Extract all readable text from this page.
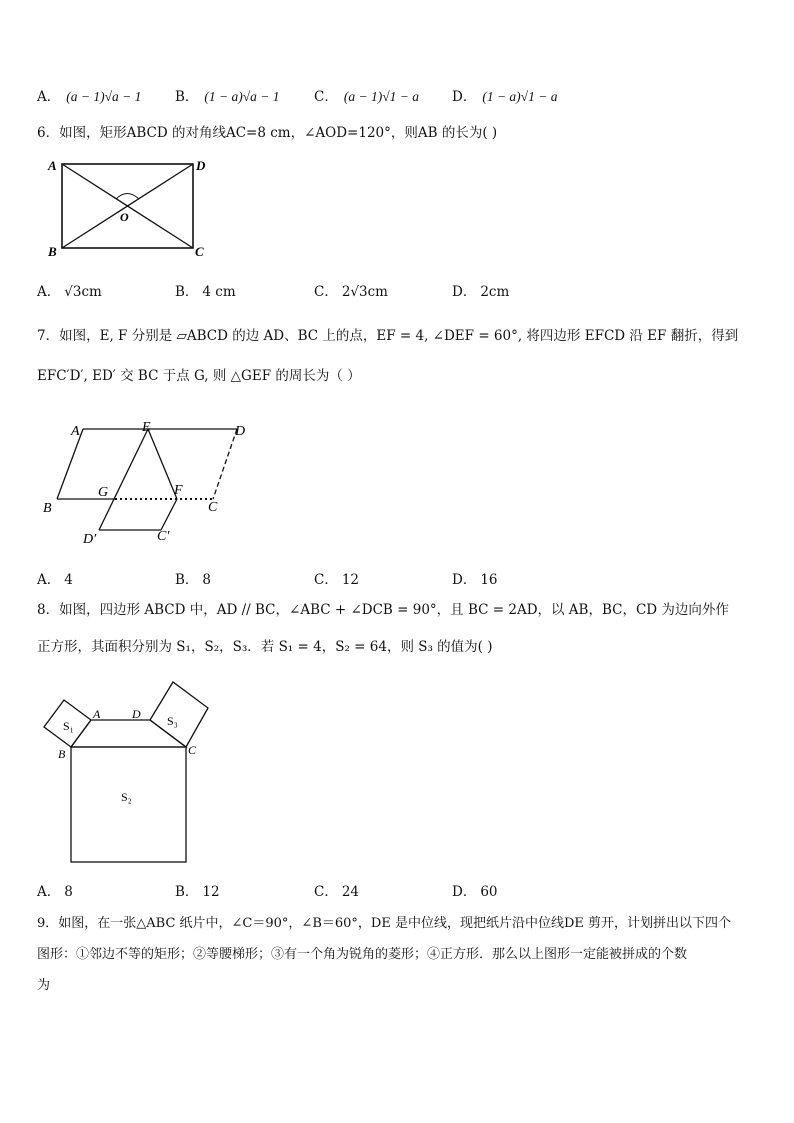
A． (a − 1)√a − 1 B． (1 − a)√a − 1	C． (a − 1)√1 − a D． (1 − a)√1 − a
6．如图，矩形ABCD 的对角线AC=8 cm，∠AOD=120°，则AB 的长为( )
A	D
B	C
O
A． √3cm	B． 4 cm	C． 2√3cm	D． 2cm
7．如图，E, F 分别是 ▱ABCD 的边 AD、BC 上的点，EF = 4, ∠DEF = 60°, 将四边形 EFCD 沿 EF 翻折，得到
EFC′D′, ED′ 交 BC 于点 G, 则 △GEF 的周长为（ ）
A	E	D
B
G	F
C
D′	C′
A． 4	B． 8	C． 12	D． 16
8．如图，四边形 ABCD 中，AD // BC，∠ABC + ∠DCB = 90°，且 BC = 2AD，以 AB，BC，CD 为边向外作
正方形，其面积分别为 S₁，S₂，S₃．若 S₁ = 4，S₂ = 64，则 S₃ 的值为( )
S₁
A	D S₃
B	C
S₂
A． 8	B． 12	C． 24	D． 60
9．如图，在一张△ABC 纸片中，∠C＝90°，∠B＝60°，DE 是中位线，现把纸片沿中位线DE 剪开，计划拼出以下四个
图形：①邻边不等的矩形；②等腰梯形；③有一个角为锐角的菱形；④正方形．那么以上图形一定能被拼成的个数
为
